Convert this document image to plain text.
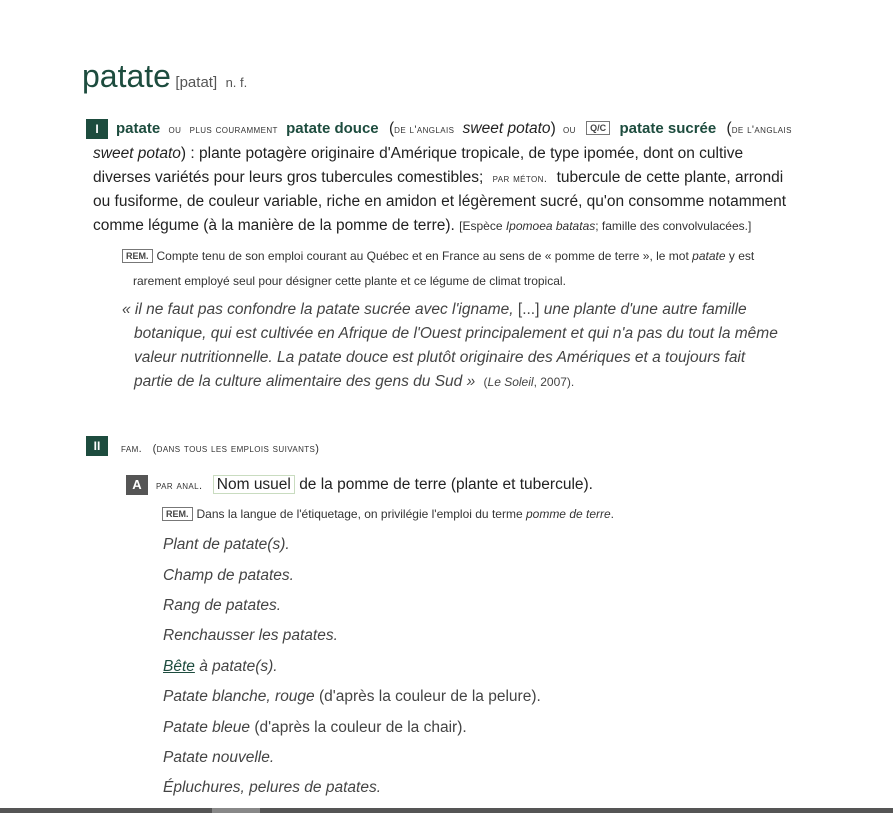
patate [patat] n. f.
I	patate ou plus couramment patate douce (de l'anglais sweet potato) ou Q/C patate sucrée (de l'anglais
sweet potato) : plante potagère originaire d'Amérique tropicale, de type ipomée, dont on cultive
diverses variétés pour leurs gros tubercules comestibles; par méton. tubercule de cette plante, arrondi
ou fusiforme, de couleur variable, riche en amidon et légèrement sucré, qu'on consomme notamment
comme légume (à la manière de la pomme de terre). [Espèce Ipomoea batatas; famille des convolvulacées.]
REM. Compte tenu de son emploi courant au Québec et en France au sens de « pomme de terre », le mot patate y est
rarement employé seul pour désigner cette plante et ce légume de climat tropical.
« il ne faut pas confondre la patate sucrée avec l'igname, [...] une plante d'une autre famille
botanique, qui est cultivée en Afrique de l'Ouest principalement et qui n'a pas du tout la même
valeur nutritionnelle. La patate douce est plutôt originaire des Amériques et a toujours fait
partie de la culture alimentaire des gens du Sud » (Le Soleil, 2007).
II	fam. (dans tous les emplois suivants)
A	par anal. Nom usuel de la pomme de terre (plante et tubercule).
REM. Dans la langue de l'étiquetage, on privilégie l'emploi du terme pomme de terre.
Plant de patate(s).
Champ de patates.
Rang de patates.
Renchausser les patates.
Bête à patate(s).
Patate blanche, rouge (d'après la couleur de la pelure).
Patate bleue (d'après la couleur de la chair).
Patate nouvelle.
Épluchures, pelures de patates.
